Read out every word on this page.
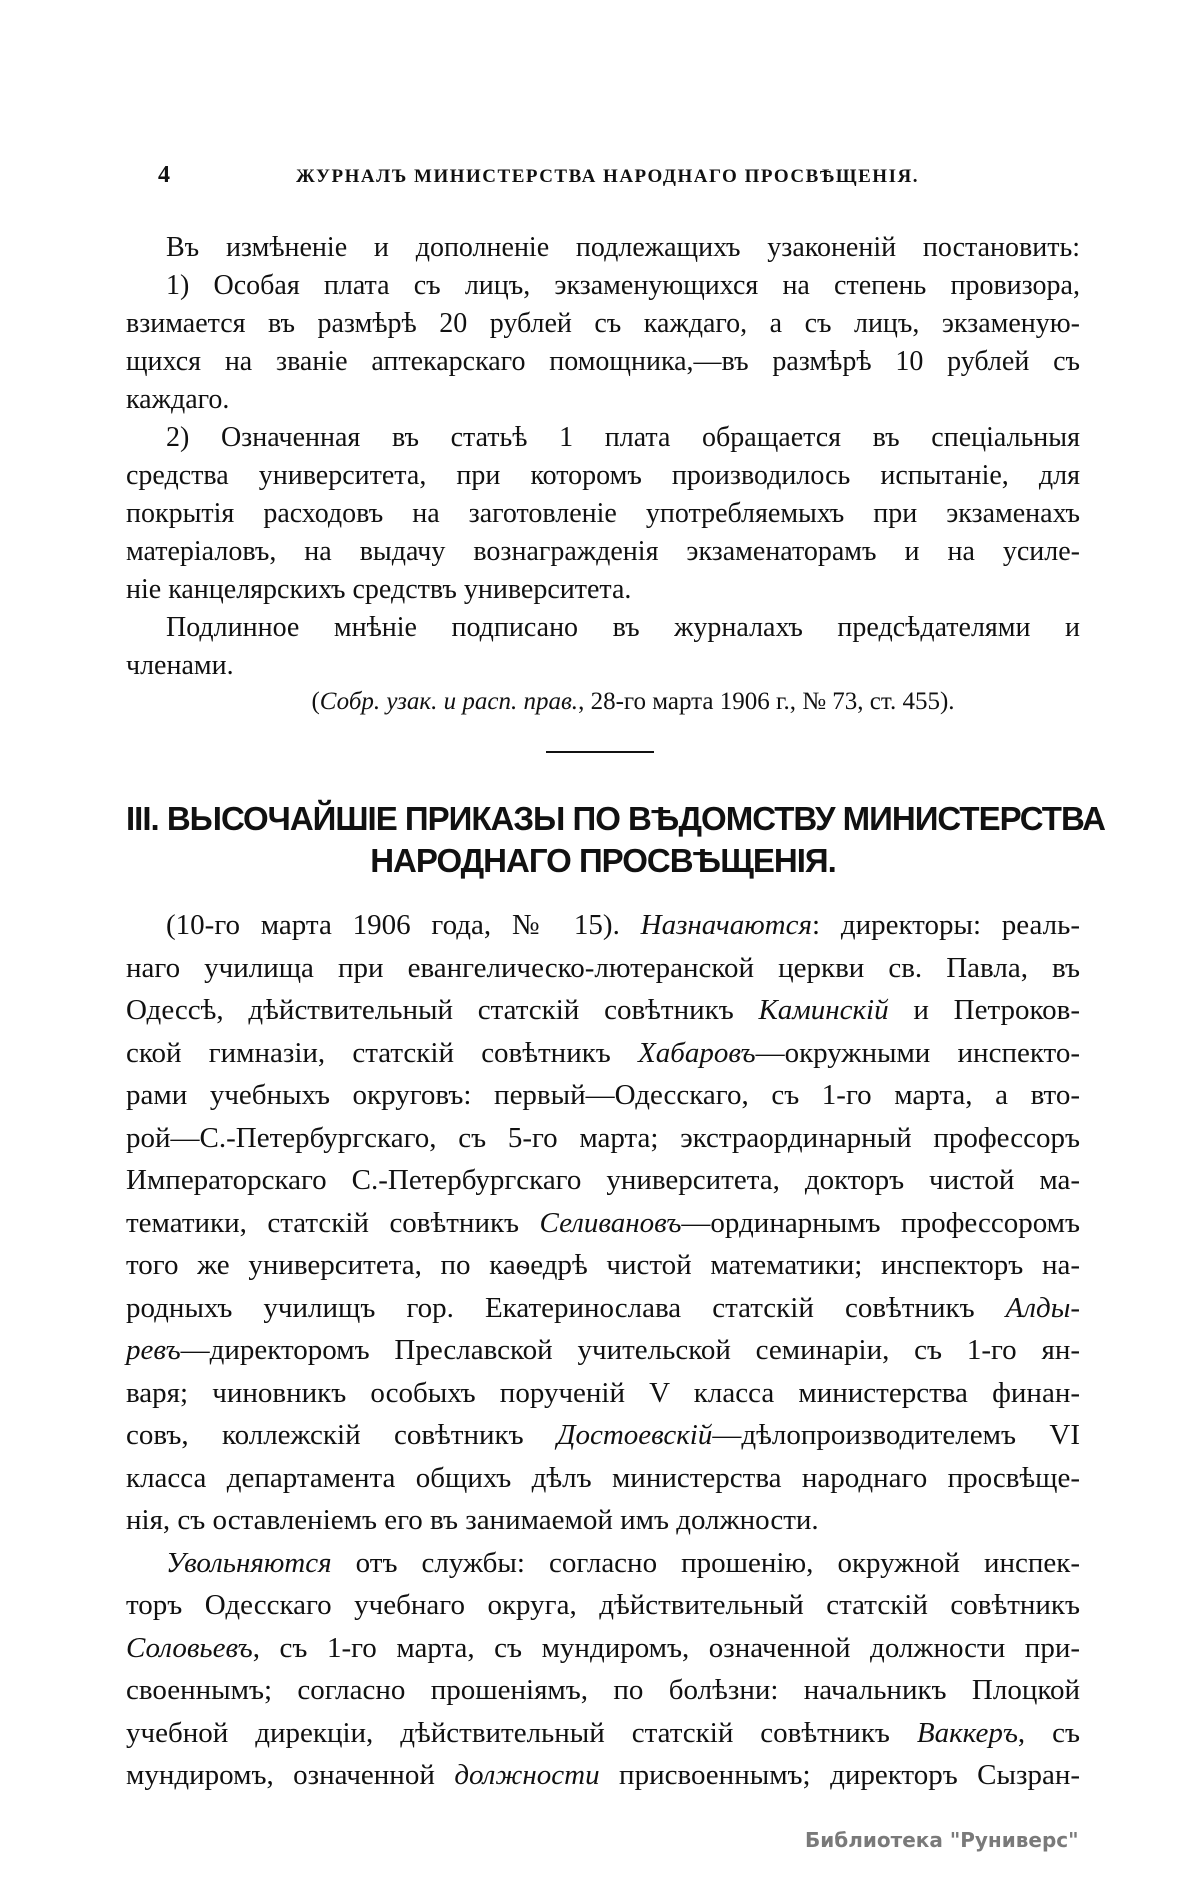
4	ЖУРНАЛЪ МИНИСТЕРСТВА НАРОДНАГО ПРОСВѢЩЕНІЯ.
Въ измѣненіе и дополненіе подлежащихъ узаконеній постановить:
1) Особая плата съ лицъ, экзаменующихся на степень провизора,
взимается въ размѣрѣ 20 рублей съ каждаго, а съ лицъ, экзаменую-
щихся на званіе аптекарскаго помощника,—въ размѣрѣ 10 рублей съ
каждаго.
2) Означенная въ статьѣ 1 плата обращается въ спеціальныя
средства университета, при которомъ производилось испытаніе, для
покрытія расходовъ на заготовленіе употребляемыхъ при экзаменахъ
матеріаловъ, на выдачу вознагражденія экзаменаторамъ и на усиле-
ніе канцелярскихъ средствъ университета.
Подлинное мнѣніе подписано въ журналахъ предсѣдателями и
членами.
(Собр. узак. и расп. прав., 28-го марта 1906 г., № 73, ст. 455).
III. ВЫСОЧАЙШІЕ ПРИКАЗЫ ПО ВѢДОМСТВУ МИНИСТЕРСТВА
НАРОДНАГО ПРОСВѢЩЕНІЯ.
(10-го марта 1906 года, № 15). Назначаются: директоры: реаль-
наго училища при евангелическо-лютеранской церкви св. Павла, въ
Одессѣ, дѣйствительный статскій совѣтникъ Каминскій и Петроков-
ской гимназіи, статскій совѣтникъ Хабаровъ—окружными инспекто-
рами учебныхъ округовъ: первый—Одесскаго, съ 1-го марта, а вто-
рой—С.-Петербургскаго, съ 5-го марта; экстраординарный профессоръ
Императорскаго С.-Петербургскаго университета, докторъ чистой ма-
тематики, статскій совѣтникъ Селивановъ—ординарнымъ профессоромъ
того же университета, по каѳедрѣ чистой математики; инспекторъ на-
родныхъ училищъ гор. Екатеринослава статскій совѣтникъ Алды-
ревъ—директоромъ Преславской учительской семинаріи, съ 1-го ян-
варя; чиновникъ особыхъ порученій V класса министерства финан-
совъ, коллежскій совѣтникъ Достоевскій—дѣлопроизводителемъ VI
класса департамента общихъ дѣлъ министерства народнаго просвѣще-
нія, съ оставленіемъ его въ занимаемой имъ должности.
Увольняются отъ службы: согласно прошенію, окружной инспек-
торъ Одесскаго учебнаго округа, дѣйствительный статскій совѣтникъ
Соловьевъ, съ 1-го марта, съ мундиромъ, означенной должности при-
своеннымъ; согласно прошеніямъ, по болѣзни: начальникъ Плоцкой
учебной дирекціи, дѣйствительный статскій совѣтникъ Ваккеръ, съ
мундиромъ, означенной должности присвоеннымъ; директоръ Сызран-
Библиотека "Руниверс"
